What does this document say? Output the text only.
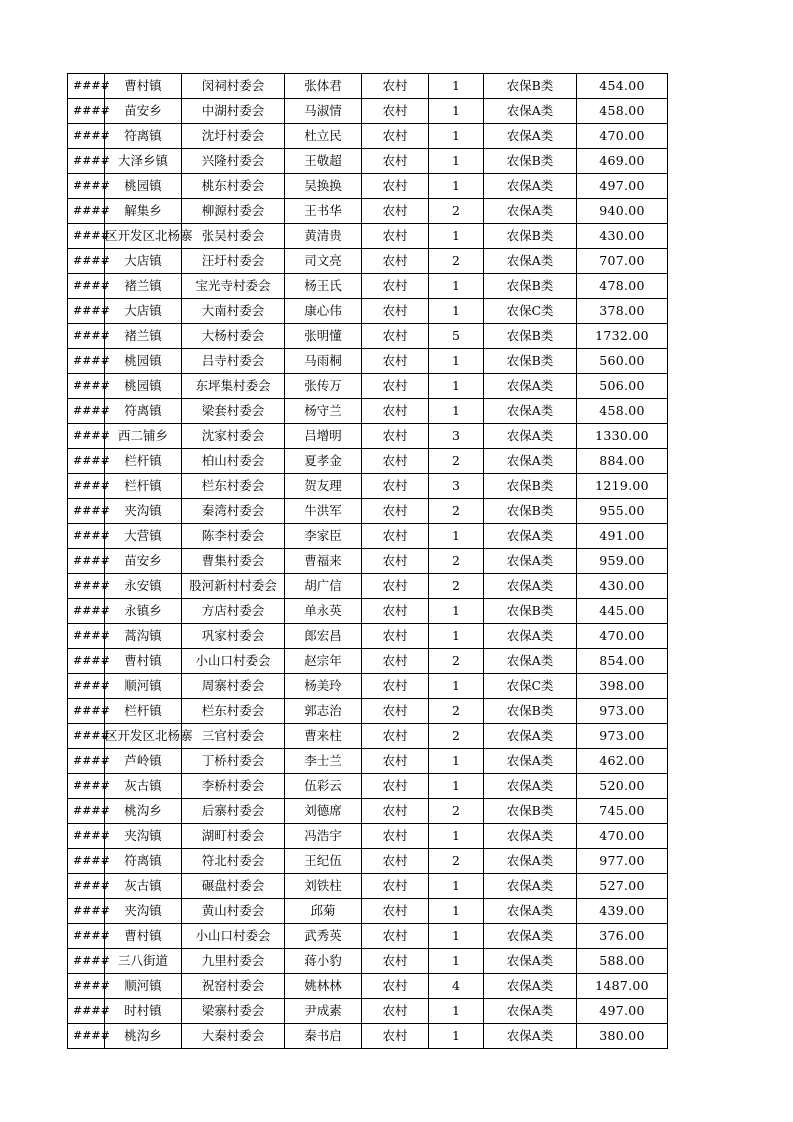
####	曹村镇	闵祠村委会	张体君	农村	1	农保B类	454.00
####	苗安乡	中湖村委会	马淑情	农村	1	农保A类	458.00
####	符离镇	沈圩村委会	杜立民	农村	1	农保A类	470.00
####	大泽乡镇	兴隆村委会	王敬超	农村	1	农保B类	469.00
####	桃园镇	桃东村委会	吴换换	农村	1	农保A类	497.00
####	解集乡	柳源村委会	王书华	农村	2	农保A类	940.00
####	区开发区北杨寨	张吴村委会	黄清贵	农村	1	农保B类	430.00
####	大店镇	汪圩村委会	司文亮	农村	2	农保A类	707.00
####	褚兰镇	宝光寺村委会	杨王氏	农村	1	农保B类	478.00
####	大店镇	大南村委会	康心伟	农村	1	农保C类	378.00
####	褚兰镇	大杨村委会	张明懂	农村	5	农保B类	1732.00
####	桃园镇	吕寺村委会	马雨桐	农村	1	农保B类	560.00
####	桃园镇	东坪集村委会	张传万	农村	1	农保A类	506.00
####	符离镇	梁套村委会	杨守兰	农村	1	农保A类	458.00
####	西二铺乡	沈家村委会	吕增明	农村	3	农保A类	1330.00
####	栏杆镇	柏山村委会	夏孝金	农村	2	农保A类	884.00
####	栏杆镇	栏东村委会	贺友理	农村	3	农保B类	1219.00
####	夹沟镇	秦湾村委会	牛洪军	农村	2	农保B类	955.00
####	大营镇	陈李村委会	李家臣	农村	1	农保A类	491.00
####	苗安乡	曹集村委会	曹福来	农村	2	农保A类	959.00
####	永安镇	股河新村村委会	胡广信	农村	2	农保A类	430.00
####	永镇乡	方店村委会	单永英	农村	1	农保B类	445.00
####	蒿沟镇	巩家村委会	郎宏昌	农村	1	农保A类	470.00
####	曹村镇	小山口村委会	赵宗年	农村	2	农保A类	854.00
####	顺河镇	周寨村委会	杨美玲	农村	1	农保C类	398.00
####	栏杆镇	栏东村委会	郭志治	农村	2	农保B类	973.00
####	区开发区北杨寨	三官村委会	曹来柱	农村	2	农保A类	973.00
####	芦岭镇	丁桥村委会	李士兰	农村	1	农保A类	462.00
####	灰古镇	李桥村委会	伍彩云	农村	1	农保A类	520.00
####	桃沟乡	后寨村委会	刘德席	农村	2	农保B类	745.00
####	夹沟镇	湖町村委会	冯浩宇	农村	1	农保A类	470.00
####	符离镇	符北村委会	王纪伍	农村	2	农保A类	977.00
####	灰古镇	碾盘村委会	刘铁柱	农村	1	农保A类	527.00
####	夹沟镇	黄山村委会	邱菊	农村	1	农保A类	439.00
####	曹村镇	小山口村委会	武秀英	农村	1	农保A类	376.00
####	三八街道	九里村委会	蒋小豹	农村	1	农保A类	588.00
####	顺河镇	祝窑村委会	姚林林	农村	4	农保A类	1487.00
####	时村镇	梁寨村委会	尹成素	农村	1	农保A类	497.00
####	桃沟乡	大秦村委会	秦书启	农村	1	农保A类	380.00
